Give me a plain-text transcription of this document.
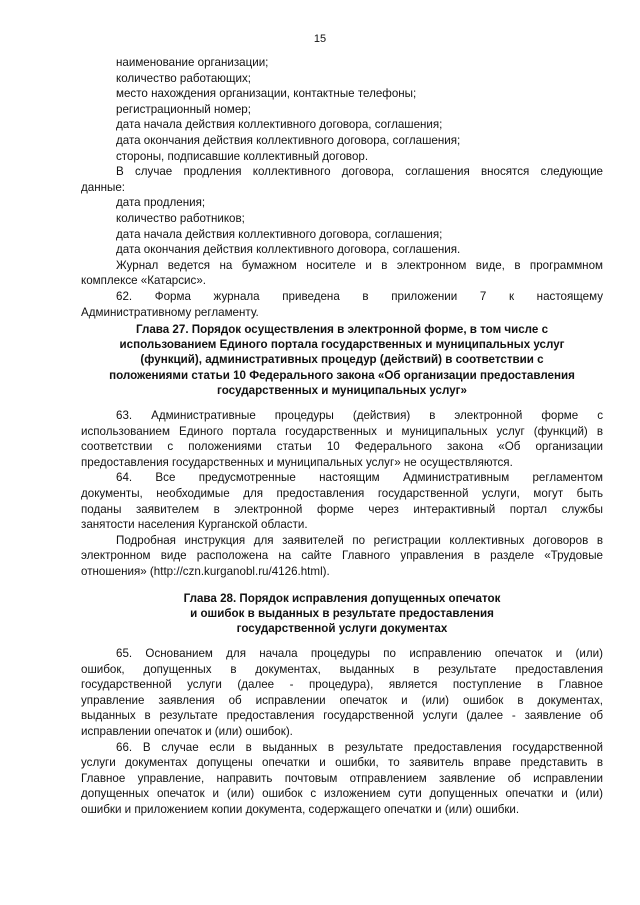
15
наименование организации;
количество работающих;
место нахождения организации, контактные телефоны;
регистрационный номер;
дата начала действия коллективного договора, соглашения;
дата окончания действия коллективного договора, соглашения;
стороны, подписавшие коллективный договор.
В случае продления коллективного договора, соглашения вносятся следующие
данные:
дата продления;
количество работников;
дата начала действия коллективного договора, соглашения;
дата окончания действия коллективного договора, соглашения.
Журнал ведется на бумажном носителе и в электронном виде, в программном
комплексе «Катарсис».
62. Форма журнала приведена в приложении 7 к настоящему
Административному регламенту.
Глава 27. Порядок осуществления в электронной форме, в том числе с
использованием Единого портала государственных и муниципальных услуг
(функций), административных процедур (действий) в соответствии с
положениями статьи 10 Федерального закона «Об организации предоставления
государственных и муниципальных услуг»
63. Административные процедуры (действия) в электронной форме с
использованием Единого портала государственных и муниципальных услуг (функций) в
соответствии с положениями статьи 10 Федерального закона «Об организации
предоставления государственных и муниципальных услуг» не осуществляются.
64. Все предусмотренные настоящим Административным регламентом
документы, необходимые для предоставления государственной услуги, могут быть
поданы заявителем в электронной форме через интерактивный портал службы
занятости населения Курганской области.
Подробная инструкция для заявителей по регистрации коллективных договоров в
электронном виде расположена на сайте Главного управления в разделе «Трудовые
отношения» (http://czn.kurganobl.ru/4126.html).
Глава 28. Порядок исправления допущенных опечаток
и ошибок в выданных в результате предоставления
государственной услуги документах
65. Основанием для начала процедуры по исправлению опечаток и (или)
ошибок, допущенных в документах, выданных в результате предоставления
государственной услуги (далее - процедура), является поступление в Главное
управление заявления об исправлении опечаток и (или) ошибок в документах,
выданных в результате предоставления государственной услуги (далее - заявление об
исправлении опечаток и (или) ошибок).
66. В случае если в выданных в результате предоставления государственной
услуги документах допущены опечатки и ошибки, то заявитель вправе представить в
Главное управление, направить почтовым отправлением заявление об исправлении
допущенных опечаток и (или) ошибок с изложением сути допущенных опечатки и (или)
ошибки и приложением копии документа, содержащего опечатки и (или) ошибки.
